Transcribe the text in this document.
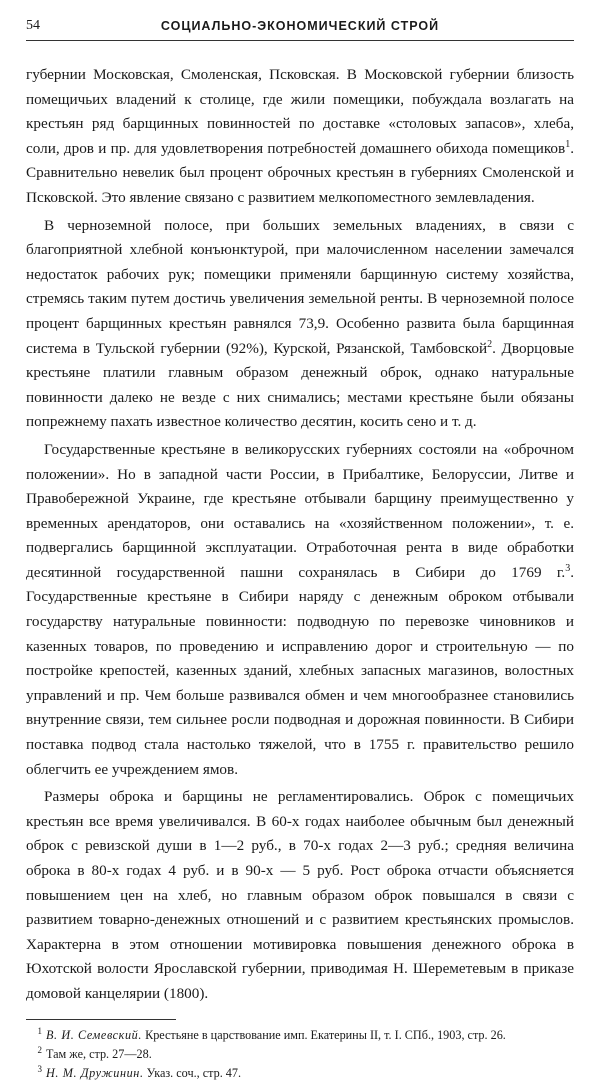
54	СОЦИАЛЬНО-ЭКОНОМИЧЕСКИЙ СТРОЙ

губернии Московская, Смоленская, Псковская. В Московской губернии близость помещичьих владений к столице, где жили помещики, побуждала возлагать на крестьян ряд барщинных повинностей по доставке «столовых запасов», хлеба, соли, дров и пр. для удовлетворения потребностей домашнего обихода помещиков$^1$. Сравнительно невелик был процент оброчных крестьян в губерниях Смоленской и Псковской. Это явление связано с развитием мелкопоместного землевладения.

В черноземной полосе, при больших земельных владениях, в связи с благоприятной хлебной конъюнктурой, при малочисленном населении замечался недостаток рабочих рук; помещики применяли барщинную систему хозяйства, стремясь таким путем достичь увеличения земельной ренты. В черноземной полосе процент барщинных крестьян равнялся 73,9. Особенно развита была барщинная система в Тульской губернии (92%), Курской, Рязанской, Тамбовской$^2$. Дворцовые крестьяне платили главным образом денежный оброк, однако натуральные повинности далеко не везде с них снимались; местами крестьяне были обязаны попрежнему пахать известное количество десятин, косить сено и т. д.

Государственные крестьяне в великорусских губерниях состояли на «оброчном положении». Но в западной части России, в Прибалтике, Белоруссии, Литве и Правобережной Украине, где крестьяне отбывали барщину преимущественно у временных арендаторов, они оставались на «хозяйственном положении», т. е. подвергались барщинной эксплуатации. Отработочная рента в виде обработки десятинной государственной пашни сохранялась в Сибири до 1769 г.$^3$. Государственные крестьяне в Сибири наряду с денежным оброком отбывали государству натуральные повинности: подводную по перевозке чиновников и казенных товаров, по проведению и исправлению дорог и строительную — по постройке крепостей, казенных зданий, хлебных запасных магазинов, волостных управлений и пр. Чем больше развивался обмен и чем многообразнее становились внутренние связи, тем сильнее росли подводная и дорожная повинности. В Сибири поставка подвод стала настолько тяжелой, что в 1755 г. правительство решило облегчить ее учреждением ямов.

Размеры оброка и барщины не регламентировались. Оброк с помещичьих крестьян все время увеличивался. В 60-х годах наиболее обычным был денежный оброк с ревизской души в 1—2 руб., в 70-х годах 2—3 руб.; средняя величина оброка в 80-х годах 4 руб. и в 90-х — 5 руб. Рост оброка отчасти объясняется повышением цен на хлеб, но главным образом оброк повышался в связи с развитием товарно-денежных отношений и с развитием крестьянских промыслов. Характерна в этом отношении мотивировка повышения денежного оброка в Юхотской волости Ярославской губернии, приводимая Н. Шереметевым в приказе домовой канцелярии (1800).

1 В. И. Семевский. Крестьяне в царствование имп. Екатерины II, т. I. СПб., 1903, стр. 26.

2 Там же, стр. 27—28.

3 Н. М. Дружинин. Указ. соч., стр. 47.
